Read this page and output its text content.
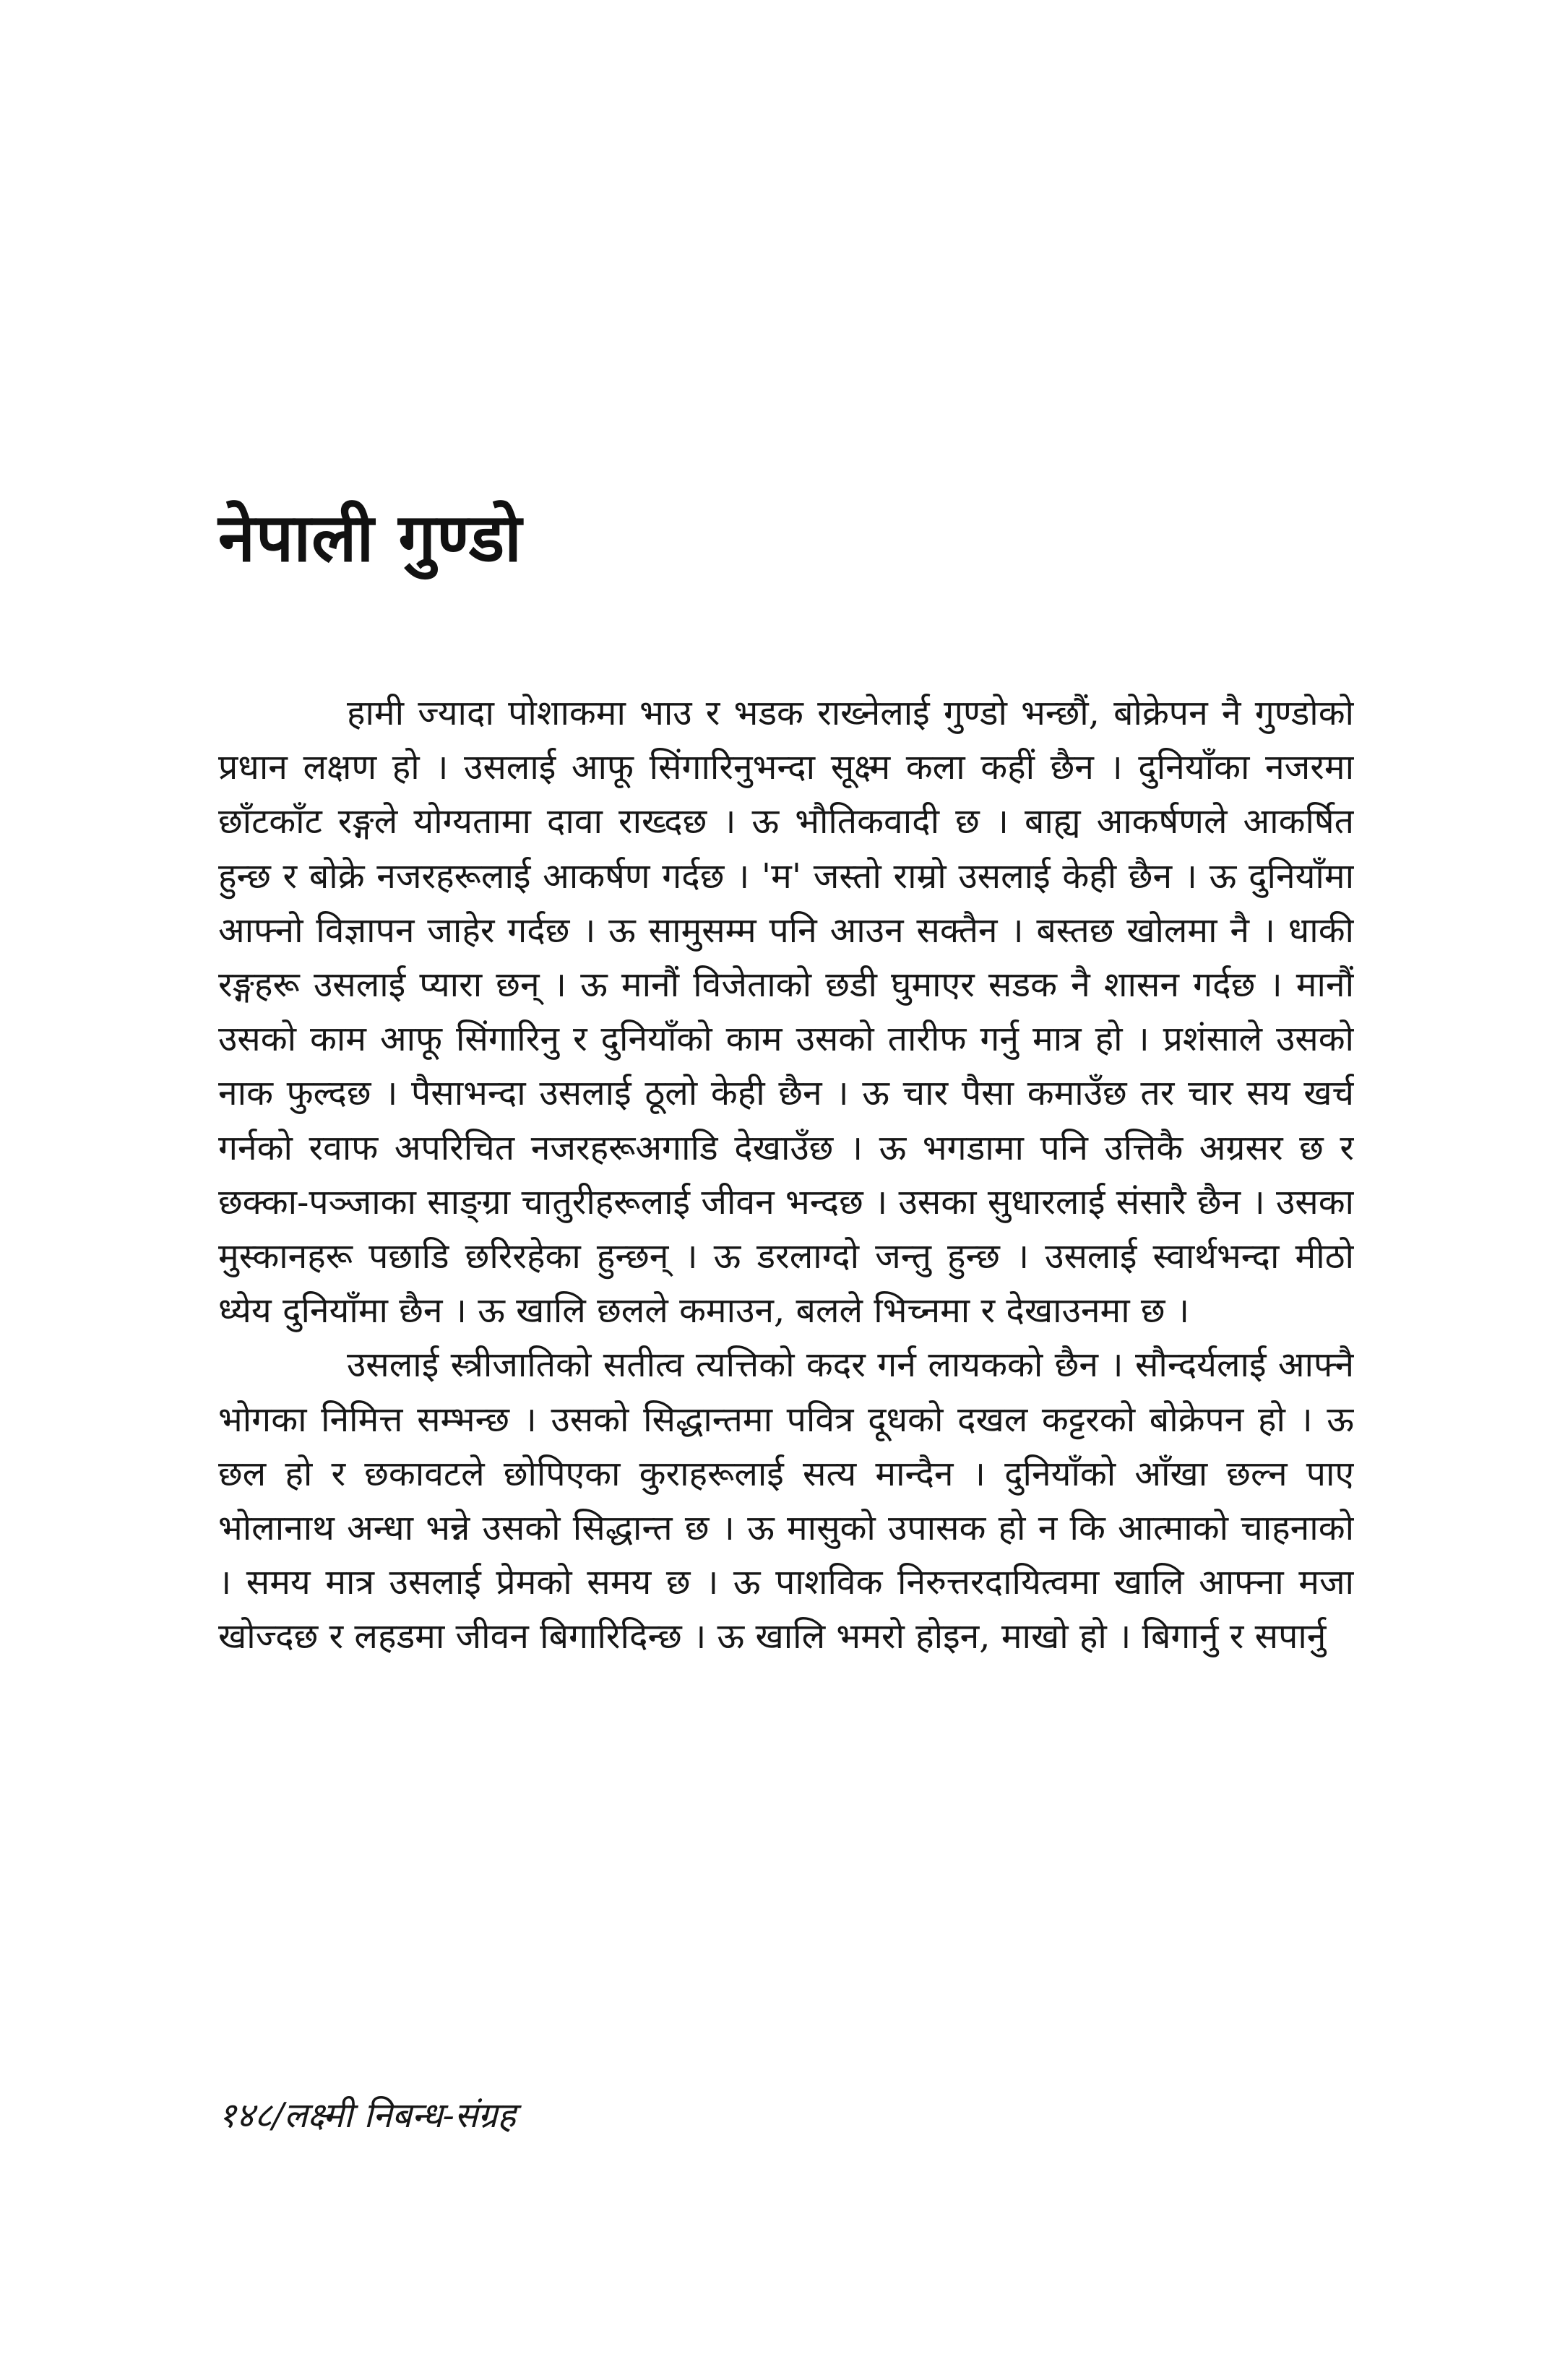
नेपाली गुण्डो

हामी ज्यादा पोशाकमा भाउ र भडक राख्नेलाई गुण्डो भन्छौं, बोक्रेपन नै गुण्डोको प्रधान लक्षण हो । उसलाई आफू सिंगारिनुभन्दा सूक्ष्म कला कहीं छैन । दुनियाँका नजरमा छाँटकाँट रङ्गले योग्यतामा दावा राख्दछ । ऊ भौतिकवादी छ । बाह्य आकर्षणले आकर्षित हुन्छ र बोक्रे नजरहरूलाई आकर्षण गर्दछ । 'म' जस्तो राम्रो उसलाई केही छैन । ऊ दुनियाँमा आफ्नो विज्ञापन जाहेर गर्दछ । ऊ सामुसम्म पनि आउन सक्तैन । बस्तछ खोलमा नै । धाकी रङ्गहरू उसलाई प्यारा छन् । ऊ मानौं विजेताको छडी घुमाएर सडक नै शासन गर्दछ । मानौं उसको काम आफू सिंगारिनु र दुनियाँको काम उसको तारीफ गर्नु मात्र हो । प्रशंसाले उसको नाक फुल्दछ । पैसाभन्दा उसलाई ठूलो केही छैन । ऊ चार पैसा कमाउँछ तर चार सय खर्च गर्नको रवाफ अपरिचित नजरहरूअगाडि देखाउँछ । ऊ भगडामा पनि उत्तिकै अग्रसर छ र छक्का-पञ्जाका साङ्ग्रा चातुरीहरूलाई जीवन भन्दछ । उसका सुधारलाई संसारै छैन । उसका मुस्कानहरू पछाडि छरिरहेका हुन्छन् । ऊ डरलाग्दो जन्तु हुन्छ । उसलाई स्वार्थभन्दा मीठो ध्येय दुनियाँमा छैन । ऊ खालि छलले कमाउन, बलले भिच्नमा र देखाउनमा छ ।

उसलाई स्त्रीजातिको सतीत्व त्यत्तिको कदर गर्न लायकको छैन । सौन्दर्यलाई आफ्नै भोगका निमित्त सम्भन्छ । उसको सिद्धान्तमा पवित्र दूधको दखल कट्टरको बोक्रेपन हो । ऊ छल हो र छकावटले छोपिएका कुराहरूलाई सत्य मान्दैन । दुनियाँको आँखा छल्न पाए भोलानाथ अन्धा भन्ने उसको सिद्धान्त छ । ऊ मासुको उपासक हो न कि आत्माको चाहनाको । समय मात्र उसलाई प्रेमको समय छ । ऊ पाशविक निरुत्तरदायित्वमा खालि आफ्ना मजा खोज्दछ र लहडमा जीवन बिगारिदिन्छ । ऊ खालि भमरो होइन, माखो हो । बिगार्नु र सपार्नु

१४८/लक्ष्मी निबन्ध-संग्रह
